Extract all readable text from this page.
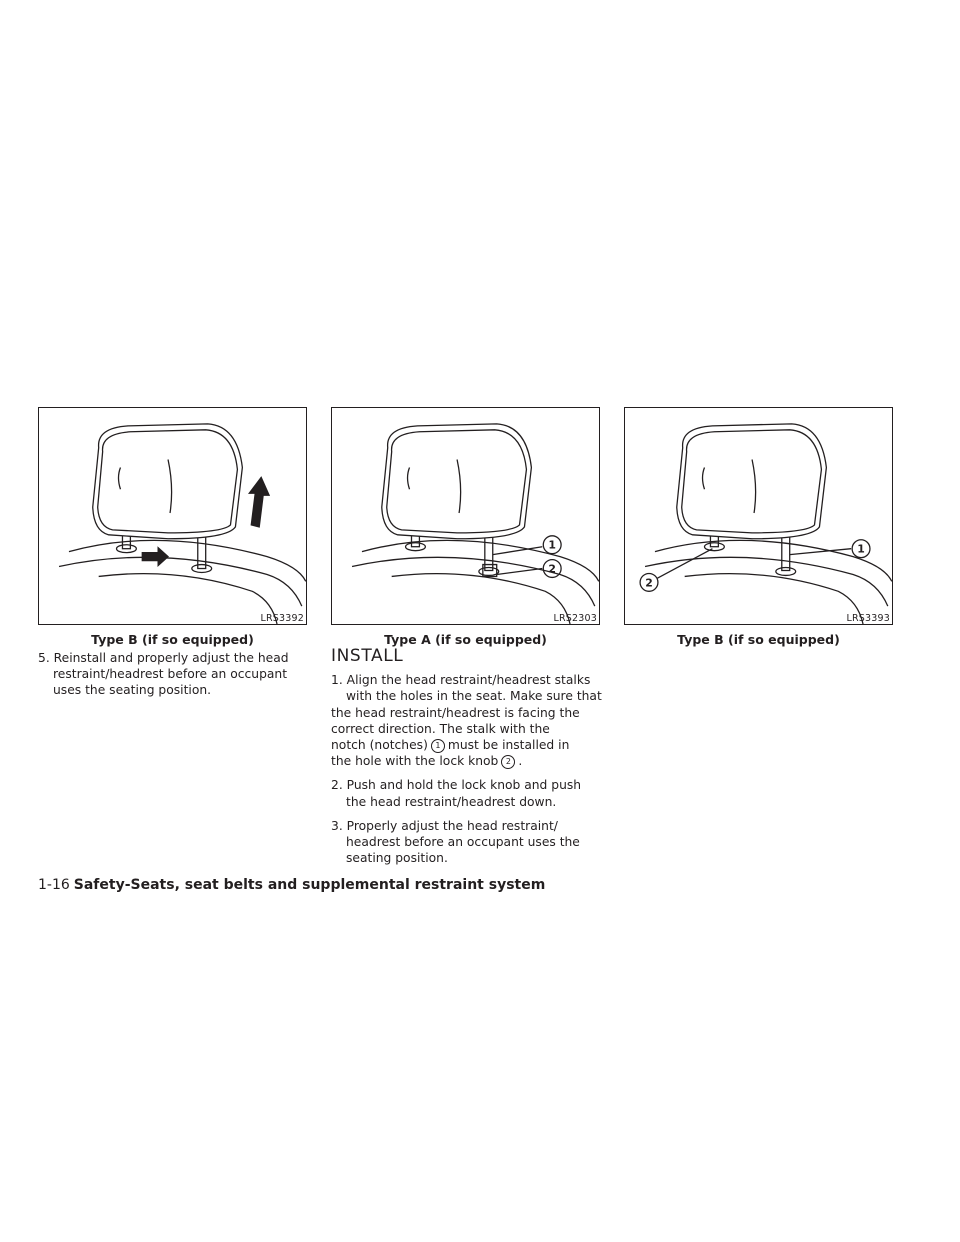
LRS3392
Type B (if so equipped)
1
2
LRS2303
Type A (if so equipped)
1
2
LRS3393
Type B (if so equipped)
5. Reinstall and properly adjust the head
restraint/headrest before an occupant
uses the seating position.
INSTALL
1. Align the head restraint/headrest stalks
with the holes in the seat. Make sure that
the head restraint/headrest is facing the
correct direction. The stalk with the
notch (notches) 1 must be installed in
the hole with the lock knob 2 .
2. Push and hold the lock knob and push
the head restraint/headrest down.
3. Properly adjust the head restraint/
headrest before an occupant uses the
seating position.
1-16 Safety-Seats, seat belts and supplemental restraint system
